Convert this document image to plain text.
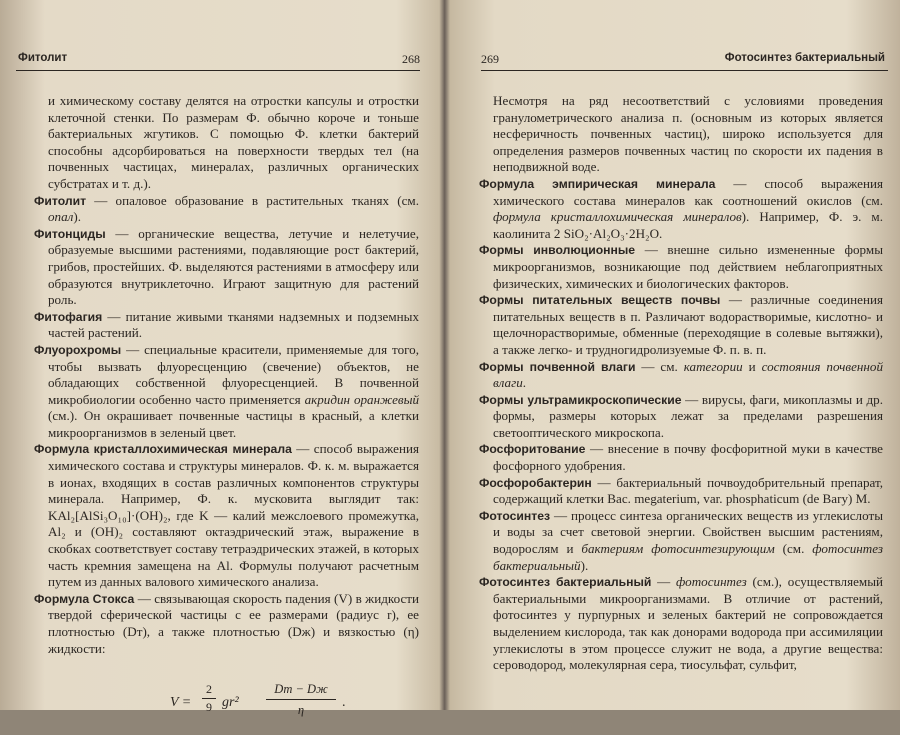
Фитолит	268

и химическому составу делятся на отростки капсулы и отростки клеточной стенки. По размерам Ф. обычно короче и тоньше бактериальных жгутиков. С помощью Ф. клетки бактерий способны адсорбироваться на поверхности твердых тел (на почвенных частицах, минералах, различных органических субстратах и т. д.).

Фитолит — опаловое образование в растительных тканях (см. опал).

Фитонциды — органические вещества, летучие и нелетучие, образуемые высшими растениями, подавляющие рост бактерий, грибов, простейших. Ф. выделяются растениями в атмосферу или образуются внутриклеточно. Играют защитную для растений роль.

Фитофагия — питание живыми тканями надземных и подземных частей растений.

Флуорохромы — специальные красители, применяемые для того, чтобы вызвать флуоресценцию (свечение) объектов, не обладающих собственной флуоресценцией. В почвенной микробиологии особенно часто применяется акридин оранжевый (см.). Он окрашивает почвенные частицы в красный, а клетки микроорганизмов в зеленый цвет.

Формула кристаллохимическая минерала — способ выражения химического состава и структуры минералов. Ф. к. м. выражается в ионах, входящих в состав различных компонентов структуры минерала. Например, Ф. к. мусковита выглядит так: KAl₂[AlSi₃O₁₀]·(OH)₂, где K — калий межслоевого промежутка, Al₂ и (OH)₂ составляют октаэдрический этаж, выражение в скобках соответствует составу тетраэдрических этажей, в которых часть кремния замещена на Al. Формулы получают расчетным путем из данных валового химического анализа.

Формула Стокса — связывающая скорость падения (V) в жидкости твердой сферической частицы с ее размерами (радиус r), ее плотностью (Dт), а также плотностью (Dж) и вязкостью (η) жидкости:

V =
2
9 gr²
Dт − Dж
η	.
269	Фотосинтез бактериальный

Несмотря на ряд несоответствий с условиями проведения гранулометрического анализа п. (основным из которых является несферичность почвенных частиц), широко используется для определения размеров почвенных частиц по скорости их падения в неподвижной воде.

Формула эмпирическая минерала — способ выражения химического состава минералов как соотношений окислов (см. формула кристаллохимическая минералов). Например, Ф. э. м. каолинита 2 SiO₂·Al₂O₃·2H₂O.

Формы инволюционные — внешне сильно измененные формы микроорганизмов, возникающие под действием неблагоприятных физических, химических и биологических факторов.

Формы питательных веществ почвы — различные соединения питательных веществ в п. Различают водорастворимые, кислотно- и щелочнорастворимые, обменные (переходящие в солевые вытяжки), а также легко- и трудногидролизуемые Ф. п. в. п.

Формы почвенной влаги — см. категории и состояния почвенной влаги.

Формы ультрамикроскопические — вирусы, фаги, микоплазмы и др. формы, размеры которых лежат за пределами разрешения светооптического микроскопа.

Фосфоритование — внесение в почву фосфоритной муки в качестве фосфорного удобрения.

Фосфоробактерин — бактериальный почвоудобрительный препарат, содержащий клетки Bac. megaterium, var. phosphaticum (de Bary) M.

Фотосинтез — процесс синтеза органических веществ из углекислоты и воды за счет световой энергии. Свойствен высшим растениям, водорослям и бактериям фотосинтезирующим (см. фотосинтез бактериальный).

Фотосинтез бактериальный — фотосинтез (см.), осуществляемый бактериальными микроорганизмами. В отличие от растений, фотосинтез у пурпурных и зеленых бактерий не сопровождается выделением кислорода, так как донорами водорода при ассимиляции углекислоты в этом процессе служит не вода, а другие вещества: сероводород, молекулярная сера, тиосульфат, сульфит,
